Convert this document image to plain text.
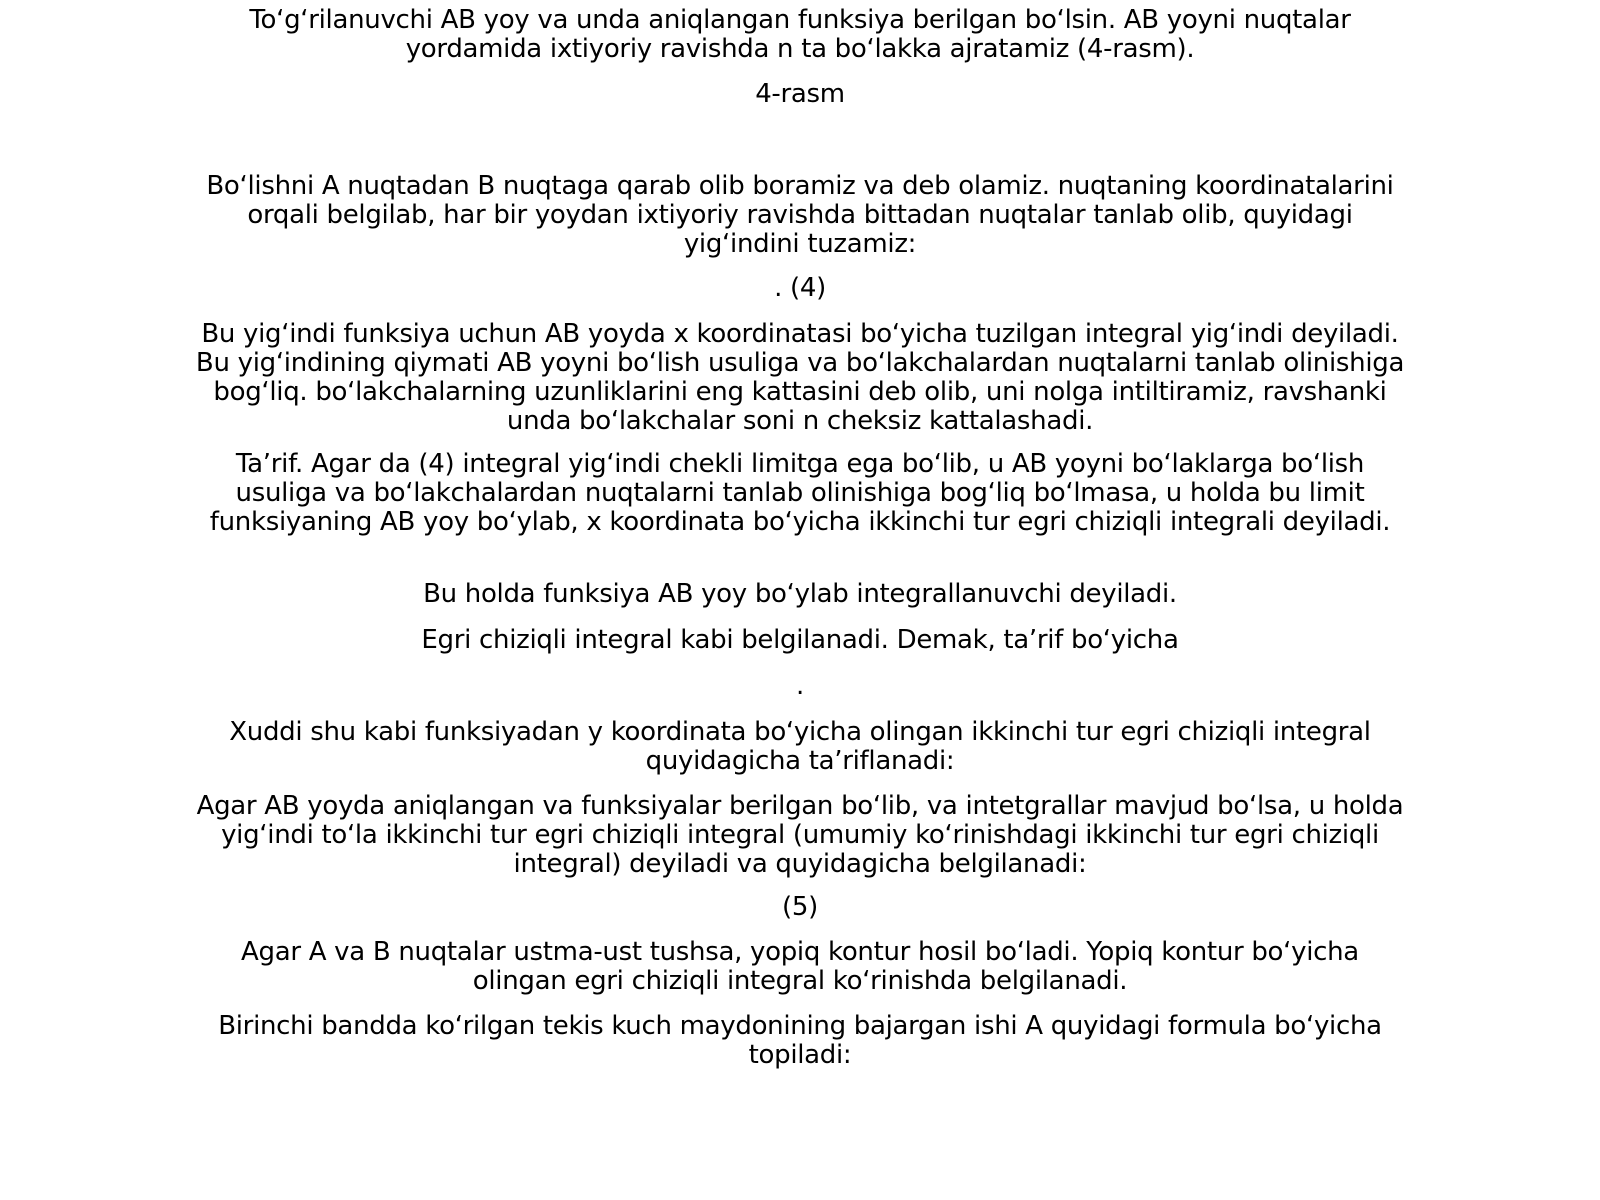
To‘g‘rilanuvchi AB yoy va unda aniqlangan funksiya berilgan bo‘lsin. AB yoyni nuqtalar yordamida ixtiyoriy ravishda n ta bo‘lakka ajratamiz (4-rasm).

4-rasm

Bo‘lishni A nuqtadan B nuqtaga qarab olib boramiz va deb olamiz. nuqtaning koordinatalarini orqali belgilab, har bir yoydan ixtiyoriy ravishda bittadan nuqtalar tanlab olib, quyidagi yig‘indini tuzamiz:

. (4)

Bu yig‘indi funksiya uchun AB yoyda x koordinatasi bo‘yicha tuzilgan integral yig‘indi deyiladi. Bu yig‘indining qiymati AB yoyni bo‘lish usuliga va bo‘lakchalardan nuqtalarni tanlab olinishiga bog‘liq. bo‘lakchalarning uzunliklarini eng kattasini deb olib, uni nolga intiltiramiz, ravshanki unda bo‘lakchalar soni n cheksiz kattalashadi.

Ta’rif. Agar da (4) integral yig‘indi chekli limitga ega bo‘lib, u AB yoyni bo‘laklarga bo‘lish usuliga va bo‘lakchalardan nuqtalarni tanlab olinishiga bog‘liq bo‘lmasa, u holda bu limit funksiyaning AB yoy bo‘ylab, x koordinata bo‘yicha ikkinchi tur egri chiziqli integrali deyiladi.

Bu holda funksiya AB yoy bo‘ylab integrallanuvchi deyiladi.

Egri chiziqli integral kabi belgilanadi. Demak, ta’rif bo‘yicha

.

Xuddi shu kabi funksiyadan y koordinata bo‘yicha olingan ikkinchi tur egri chiziqli integral quyidagicha ta’riflanadi:

Agar AB yoyda aniqlangan va funksiyalar berilgan bo‘lib, va intetgrallar mavjud bo‘lsa, u holda yig‘indi to‘la ikkinchi tur egri chiziqli integral (umumiy ko‘rinishdagi ikkinchi tur egri chiziqli integral) deyiladi va quyidagicha belgilanadi:

(5)

Agar A va B nuqtalar ustma-ust tushsa, yopiq kontur hosil bo‘ladi. Yopiq kontur bo‘yicha olingan egri chiziqli integral ko‘rinishda belgilanadi.

Birinchi bandda ko‘rilgan tekis kuch maydonining bajargan ishi A quyidagi formula bo‘yicha topiladi:
